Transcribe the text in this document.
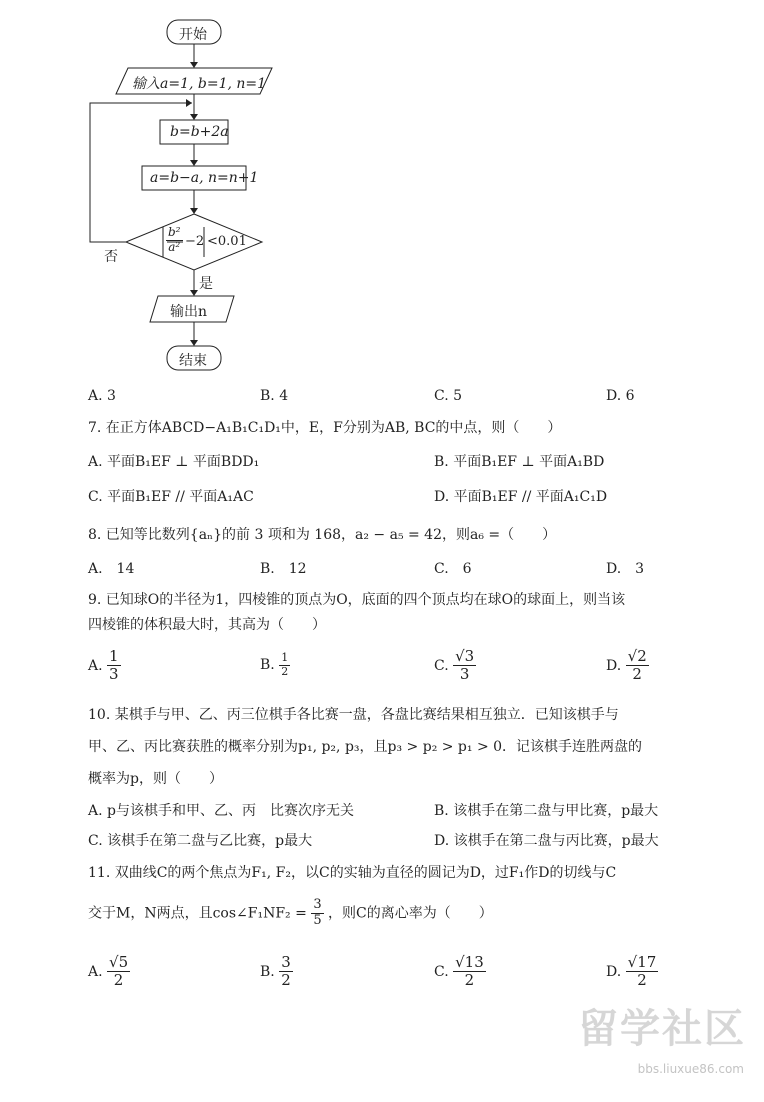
开始
输入a=1, b=1, n=1
b=b+2a
a=b−a, n=n+1
$\frac{\text{b²}}{\text{a²}} -2 <0.01$
否
是
输出n
结束
A. 3	B. 4	C. 5	D. 6
7. 在正方体ABCD−A₁B₁C₁D₁中，E，F分别为AB, BC的中点，则（　　）
A. 平面B₁EF ⊥ 平面BDD₁	B. 平面B₁EF ⊥ 平面A₁BD
C. 平面B₁EF // 平面A₁AC	D. 平面B₁EF // 平面A₁C₁D
8. 已知等比数列{aₙ}的前 3 项和为 168，a₂ − a₅ = 42，则a₆ =（　　）
A.　14	B.　12	C.　6	D.　3
9. 已知球O的半径为1，四棱锥的顶点为O，底面的四个顶点均在球O的球面上，则当该
四棱锥的体积最大时，其高为（　　）
A. $\frac{1}{3}$	B. $\frac{1}{2}$	C. $\frac{√3}{3}$	D. $\frac{√2}{2}$
10. 某棋手与甲、乙、丙三位棋手各比赛一盘，各盘比赛结果相互独立．已知该棋手与
甲、乙、丙比赛获胜的概率分别为p₁, p₂, p₃，且p₃ > p₂ > p₁ > 0．记该棋手连胜两盘的
概率为p，则（　　）
A. p与该棋手和甲、乙、丙　比赛次序无关	B. 该棋手在第二盘与甲比赛，p最大
C. 该棋手在第二盘与乙比赛，p最大	D. 该棋手在第二盘与丙比赛，p最大
11. 双曲线C的两个焦点为F₁, F₂，以C的实轴为直径的圆记为D，过F₁作D的切线与C
交于M，N两点，且cos∠F₁NF₂ = $\frac{3}{5}$ ，则C的离心率为（　　）
A. $\frac{√5}{2}$	B. $\frac{3}{2}$	C. $\frac{√13}{2}$	D. $\frac{√17}{2}$
留学社区
bbs.liuxue86.com
